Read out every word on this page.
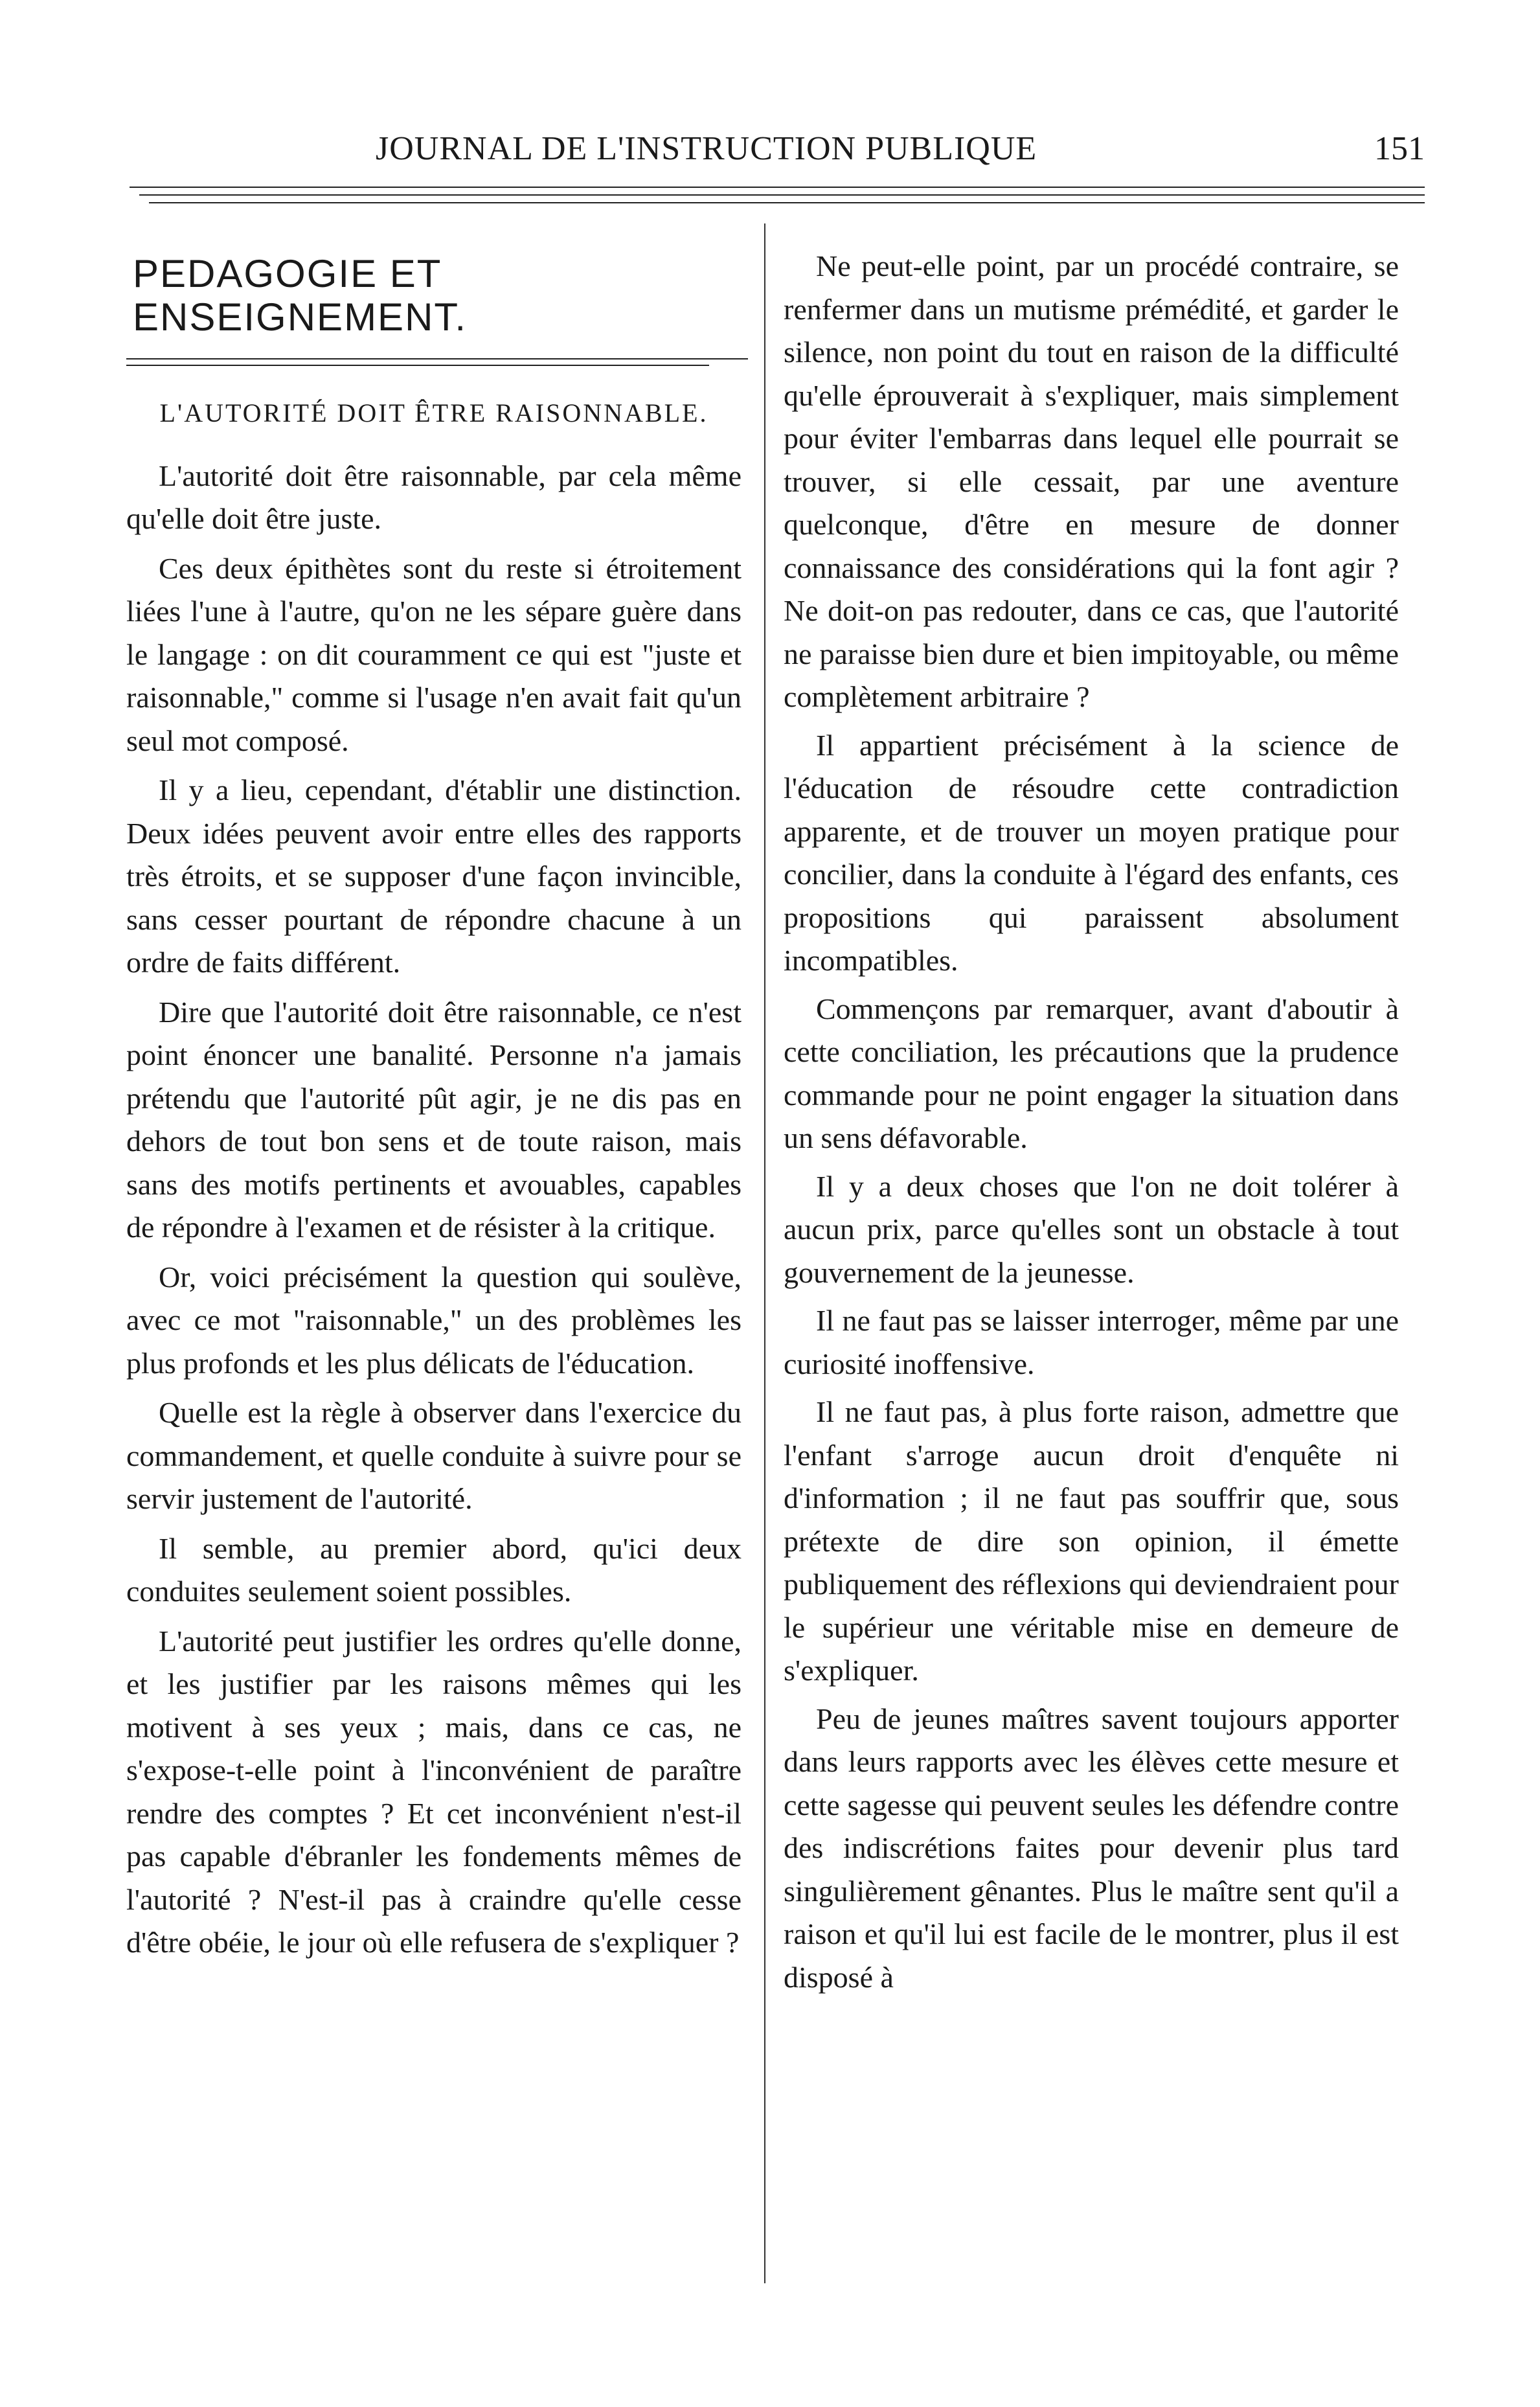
JOURNAL DE L'INSTRUCTION PUBLIQUE	151
PEDAGOGIE ET ENSEIGNEMENT.
L'AUTORITÉ DOIT ÊTRE RAISONNABLE.

L'autorité doit être raisonnable, par cela même qu'elle doit être juste.

Ces deux épithètes sont du reste si étroitement liées l'une à l'autre, qu'on ne les sépare guère dans le langage : on dit couramment ce qui est "juste et raisonnable," comme si l'usage n'en avait fait qu'un seul mot composé.

Il y a lieu, cependant, d'établir une distinction. Deux idées peuvent avoir entre elles des rapports très étroits, et se supposer d'une façon invincible, sans cesser pourtant de répondre chacune à un ordre de faits différent.

Dire que l'autorité doit être raisonnable, ce n'est point énoncer une banalité. Personne n'a jamais prétendu que l'autorité pût agir, je ne dis pas en dehors de tout bon sens et de toute raison, mais sans des motifs pertinents et avouables, capables de répondre à l'examen et de résister à la critique.

Or, voici précisément la question qui soulève, avec ce mot "raisonnable," un des problèmes les plus profonds et les plus délicats de l'éducation.

Quelle est la règle à observer dans l'exercice du commandement, et quelle conduite à suivre pour se servir justement de l'autorité.

Il semble, au premier abord, qu'ici deux conduites seulement soient possibles.

L'autorité peut justifier les ordres qu'elle donne, et les justifier par les raisons mêmes qui les motivent à ses yeux ; mais, dans ce cas, ne s'expose-t-elle point à l'inconvénient de paraître rendre des comptes ? Et cet inconvénient n'est-il pas capable d'ébranler les fondements mêmes de l'autorité ? N'est-il pas à craindre qu'elle cesse d'être obéie, le jour où elle refusera de s'expliquer ?

Ne peut-elle point, par un procédé contraire, se renfermer dans un mutisme prémédité, et garder le silence, non point du tout en raison de la difficulté qu'elle éprouverait à s'expliquer, mais simplement pour éviter l'embarras dans lequel elle pourrait se trouver, si elle cessait, par une aventure quelconque, d'être en mesure de donner connaissance des considérations qui la font agir ? Ne doit-on pas redouter, dans ce cas, que l'autorité ne paraisse bien dure et bien impitoyable, ou même complètement arbitraire ?

Il appartient précisément à la science de l'éducation de résoudre cette contradiction apparente, et de trouver un moyen pratique pour concilier, dans la conduite à l'égard des enfants, ces propositions qui paraissent absolument incompatibles.

Commençons par remarquer, avant d'aboutir à cette conciliation, les précautions que la prudence commande pour ne point engager la situation dans un sens défavorable.

Il y a deux choses que l'on ne doit tolérer à aucun prix, parce qu'elles sont un obstacle à tout gouvernement de la jeunesse.

Il ne faut pas se laisser interroger, même par une curiosité inoffensive.

Il ne faut pas, à plus forte raison, admettre que l'enfant s'arroge aucun droit d'enquête ni d'information ; il ne faut pas souffrir que, sous prétexte de dire son opinion, il émette publiquement des réflexions qui deviendraient pour le supérieur une véritable mise en demeure de s'expliquer.

Peu de jeunes maîtres savent toujours apporter dans leurs rapports avec les élèves cette mesure et cette sagesse qui peuvent seules les défendre contre des indiscrétions faites pour devenir plus tard singulièrement gênantes. Plus le maître sent qu'il a raison et qu'il lui est facile de le montrer, plus il est disposé à
